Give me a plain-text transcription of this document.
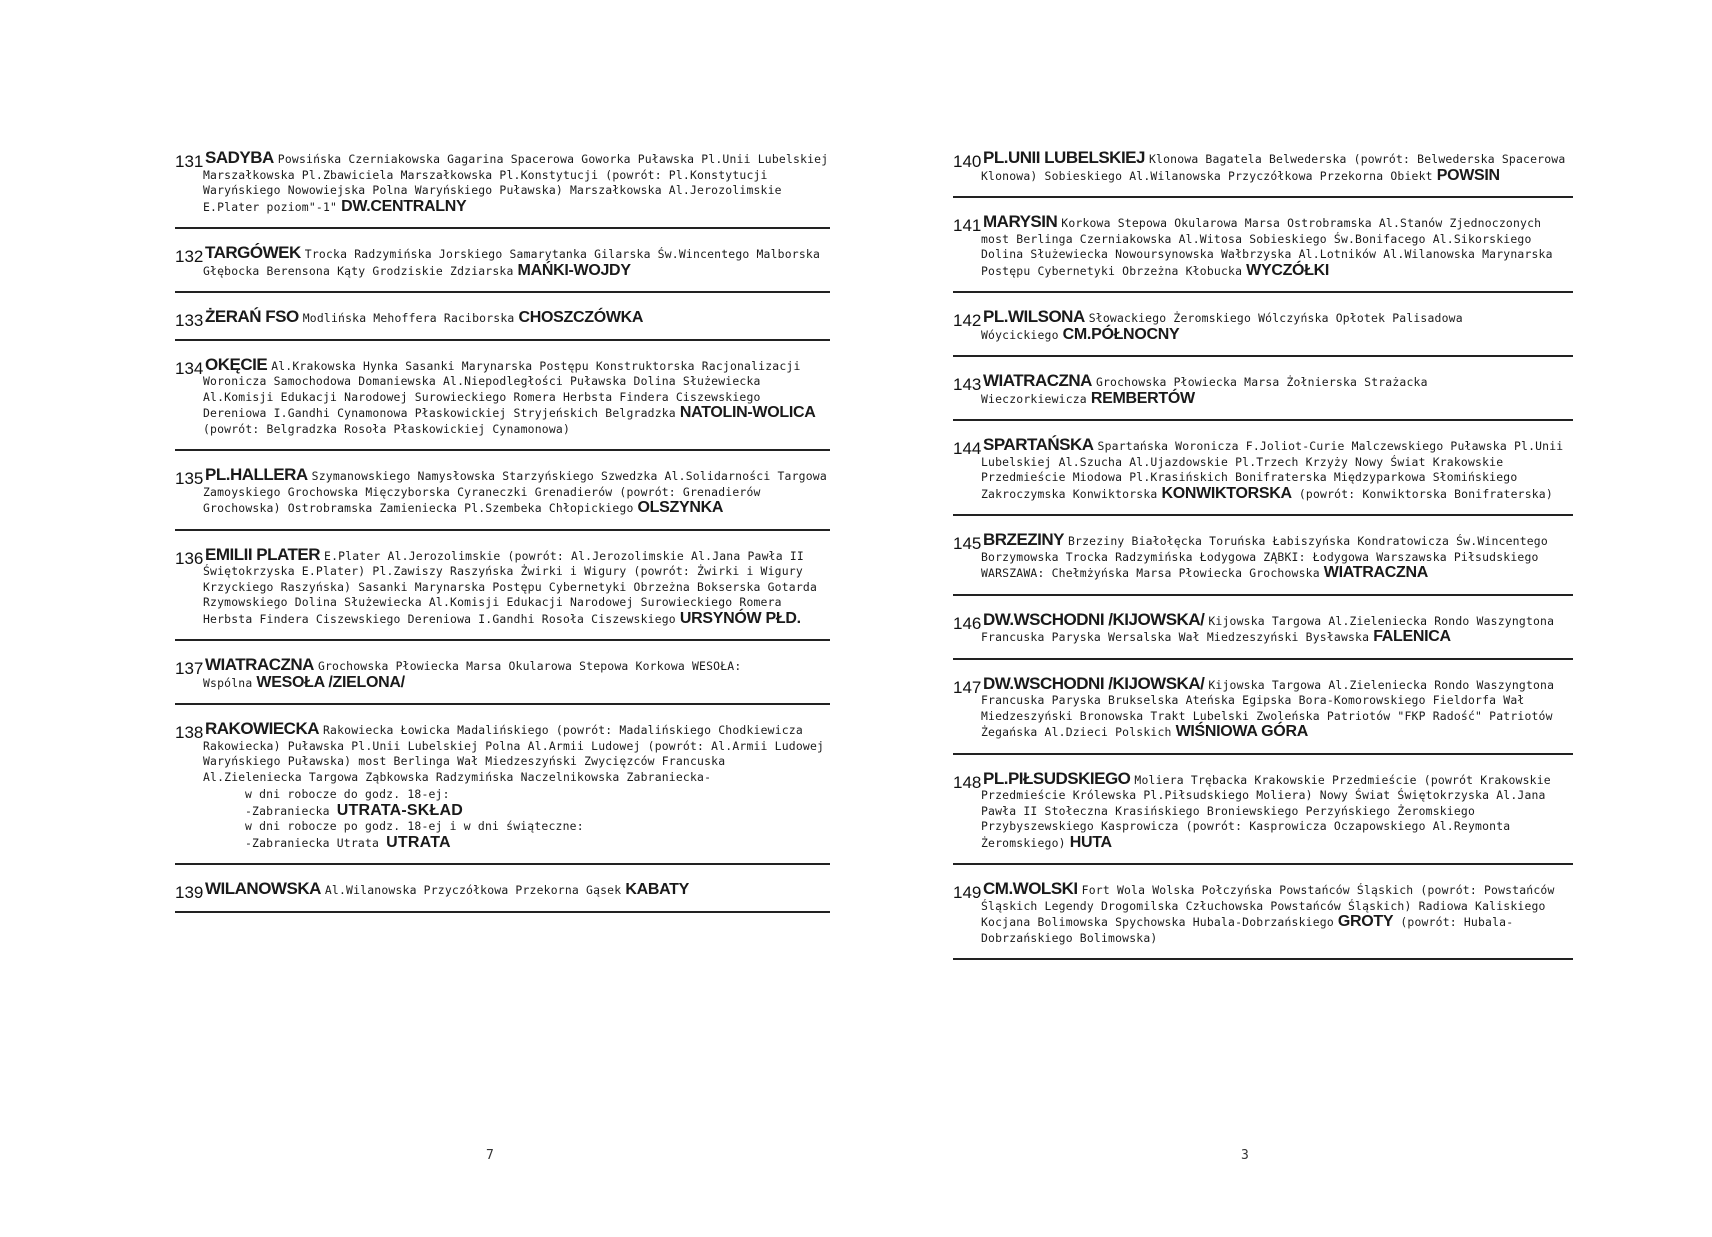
131 SADYBA Powsińska Czerniakowska Gagarina Spacerowa Goworka Puławska Pl.Unii Lubelskiej Marszałkowska Pl.Zbawiciela Marszałkowska Pl.Konstytucji (powrót: Pl.Konstytucji Waryńskiego Nowowiejska Polna Waryńskiego Puławska) Marszałkowska Al.Jerozolimskie E.Plater poziom"-1" DW.CENTRALNY
132 TARGÓWEK Trocka Radzymińska Jorskiego Samarytanka Gilarska Św.Wincentego Malborska Głębocka Berensona Kąty Grodziskie Zdziarska MAŃKI-WOJDY
133 ŻERAŃ FSO Modlińska Mehoffera Raciborska CHOSZCZÓWKA
134 OKĘCIE Al.Krakowska Hynka Sasanki Marynarska Postępu Konstruktorska Racjonalizacji Woronicza Samochodowa Domaniewska Al.Niepodległości Puławska Dolina Służewiecka Al.Komisji Edukacji Narodowej Surowieckiego Romera Herbsta Findera Ciszewskiego Dereniowa I.Gandhi Cynamonowa Płaskowickiej Stryjeńskich Belgradzka NATOLIN-WOLICA (powrót: Belgradzka Rosoła Płaskowickiej Cynamonowa)
135 PL.HALLERA Szymanowskiego Namysłowska Starzyńskiego Szwedzka Al.Solidarności Targowa Zamoyskiego Grochowska Mięczyborska Cyraneczki Grenadierów (powrót: Grenadierów Grochowska) Ostrobramska Zamieniecka Pl.Szembeka Chłopickiego OLSZYNKA
136 EMILII PLATER E.Plater Al.Jerozolimskie (powrót: Al.Jerozolimskie Al.Jana Pawła II Świętokrzyska E.Plater) Pl.Zawiszy Raszyńska Żwirki i Wigury (powrót: Żwirki i Wigury Krzyckiego Raszyńska) Sasanki Marynarska Postępu Cybernetyki Obrzeżna Bokserska Gotarda Rzymowskiego Dolina Służewiecka Al.Komisji Edukacji Narodowej Surowieckiego Romera Herbsta Findera Ciszewskiego Dereniowa I.Gandhi Rosoła Ciszewskiego URSYNÓW PŁD.
137 WIATRACZNA Grochowska Płowiecka Marsa Okularowa Stepowa Korkowa WESOŁA: Wspólna WESOŁA /ZIELONA/
138 RAKOWIECKA Rakowiecka Łowicka Madalińskiego (powrót: Madalińskiego Chodkiewicza Rakowiecka) Puławska Pl.Unii Lubelskiej Polna Al.Armii Ludowej (powrót: Al.Armii Ludowej Waryńskiego Puławska) most Berlinga Wał Miedzeszyński Zwycięzców Francuska Al.Zieleniecka Targowa Ząbkowska Radzymińska Naczelnikowska Zabraniecka-
w dni robocze do godz. 18-ej:
-Zabraniecka UTRATA-SKŁAD
w dni robocze po godz. 18-ej i w dni świąteczne:
-Zabraniecka Utrata UTRATA
139 WILANOWSKA Al.Wilanowska Przyczółkowa Przekorna Gąsek KABATY
140 PL.UNII LUBELSKIEJ Klonowa Bagatela Belwederska (powrót: Belwederska Spacerowa Klonowa) Sobieskiego Al.Wilanowska Przyczółkowa Przekorna Obiekt POWSIN
141 MARYSIN Korkowa Stepowa Okularowa Marsa Ostrobramska Al.Stanów Zjednoczonych most Berlinga Czerniakowska Al.Witosa Sobieskiego Św.Bonifacego Al.Sikorskiego Dolina Służewiecka Nowoursynowska Wałbrzyska Al.Lotników Al.Wilanowska Marynarska Postępu Cybernetyki Obrzeżna Kłobucka WYCZÓŁKI
142 PL.WILSONA Słowackiego Żeromskiego Wólczyńska Opłotek Palisadowa Wóycickiego CM.PÓŁNOCNY
143 WIATRACZNA Grochowska Płowiecka Marsa Żołnierska Strażacka Wieczorkiewicza REMBERTÓW
144 SPARTAŃSKA Spartańska Woronicza F.Joliot-Curie Malczewskiego Puławska Pl.Unii Lubelskiej Al.Szucha Al.Ujazdowskie Pl.Trzech Krzyży Nowy Świat Krakowskie Przedmieście Miodowa Pl.Krasińskich Bonifraterska Międzyparkowa Słomińskiego Zakroczymska Konwiktorska KONWIKTORSKA (powrót: Konwiktorska Bonifraterska)
145 BRZEZINY Brzeziny Białołęcka Toruńska Łabiszyńska Kondratowicza Św.Wincentego Borzymowska Trocka Radzymińska Łodygowa ZĄBKI: Łodygowa Warszawska Piłsudskiego WARSZAWA: Chełmżyńska Marsa Płowiecka Grochowska WIATRACZNA
146 DW.WSCHODNI /KIJOWSKA/ Kijowska Targowa Al.Zieleniecka Rondo Waszyngtona Francuska Paryska Wersalska Wał Miedzeszyński Bysławska FALENICA
147 DW.WSCHODNI /KIJOWSKA/ Kijowska Targowa Al.Zieleniecka Rondo Waszyngtona Francuska Paryska Brukselska Ateńska Egipska Bora-Komorowskiego Fieldorfa Wał Miedzeszyński Bronowska Trakt Lubelski Zwoleńska Patriotów "FKP Radość" Patriotów Żegańska Al.Dzieci Polskich WIŚNIOWA GÓRA
148 PL.PIŁSUDSKIEGO Moliera Trębacka Krakowskie Przedmieście (powrót Krakowskie Przedmieście Królewska Pl.Piłsudskiego Moliera) Nowy Świat Świętokrzyska Al.Jana Pawła II Stołeczna Krasińskiego Broniewskiego Perzyńskiego Żeromskiego Przybyszewskiego Kasprowicza (powrót: Kasprowicza Oczapowskiego Al.Reymonta Żeromskiego) HUTA
149 CM.WOLSKI Fort Wola Wolska Połczyńska Powstańców Śląskich (powrót: Powstańców Śląskich Legendy Drogomilska Człuchowska Powstańców Śląskich) Radiowa Kaliskiego Kocjana Bolimowska Spychowska Hubala-Dobrzańskiego GROTY (powrót: Hubala-Dobrzańskiego Bolimowska)
7	3
